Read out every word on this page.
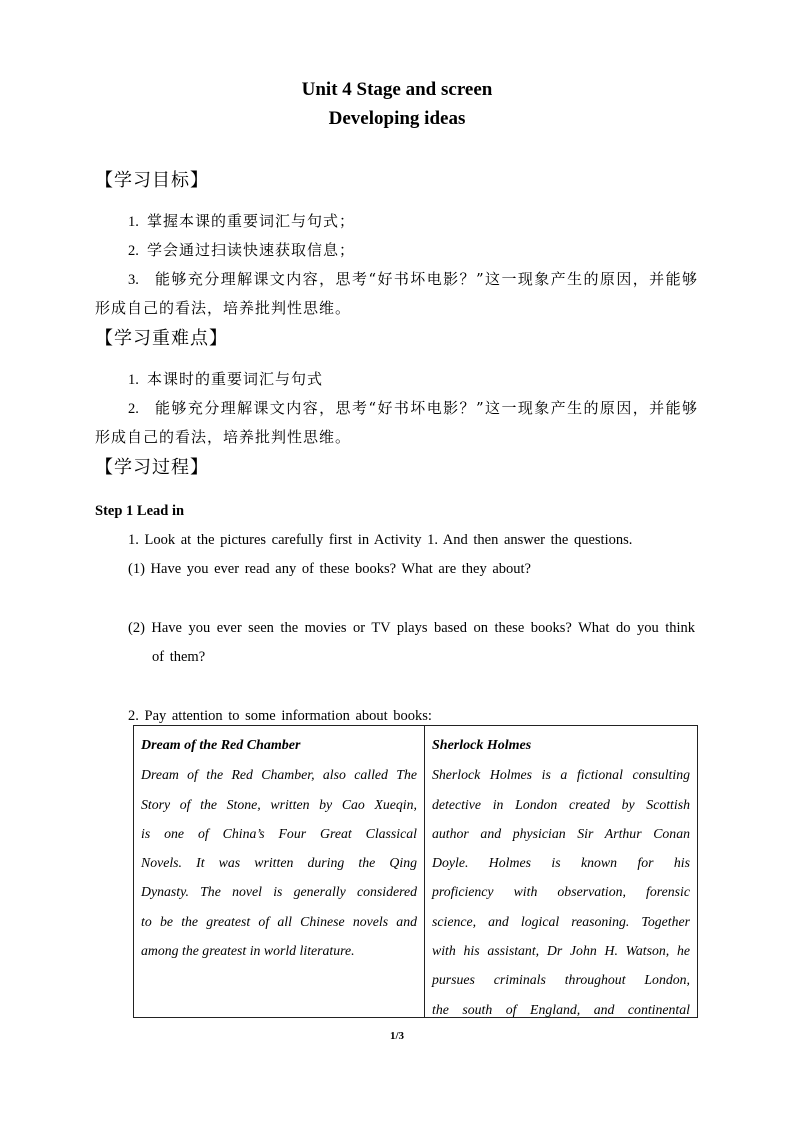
Unit 4 Stage and screen
Developing ideas
【学习目标】
1. 掌握本课的重要词汇与句式；
2. 学会通过扫读快速获取信息；
3. 能够充分理解课文内容，思考“好书坏电影？”这一现象产生的原因，并能够
形成自己的看法，培养批判性思维。
【学习重难点】
1. 本课时的重要词汇与句式
2. 能够充分理解课文内容，思考“好书坏电影？”这一现象产生的原因，并能够
形成自己的看法，培养批判性思维。
【学习过程】
Step 1 Lead in
1. Look at the pictures carefully first in Activity 1. And then answer the questions.
(1) Have you ever read any of these books? What are they about?
(2) Have you ever seen the movies or TV plays based on these books? What do you think
of them?
2. Pay attention to some information about books:
Dream of the Red Chamber
Dream of the Red Chamber, also called The
Story of the Stone, written by Cao Xueqin,
is one of China’s Four Great Classical
Novels. It was written during the Qing
Dynasty. The novel is generally considered
to be the greatest of all Chinese novels and
among the greatest in world literature.
Sherlock Holmes
Sherlock Holmes is a fictional consulting
detective in London created by Scottish
author and physician Sir Arthur Conan
Doyle. Holmes is known for his
proficiency with observation, forensic
science, and logical reasoning. Together
with his assistant, Dr John H. Watson, he
pursues criminals throughout London,
the south of England, and continental
1/3
